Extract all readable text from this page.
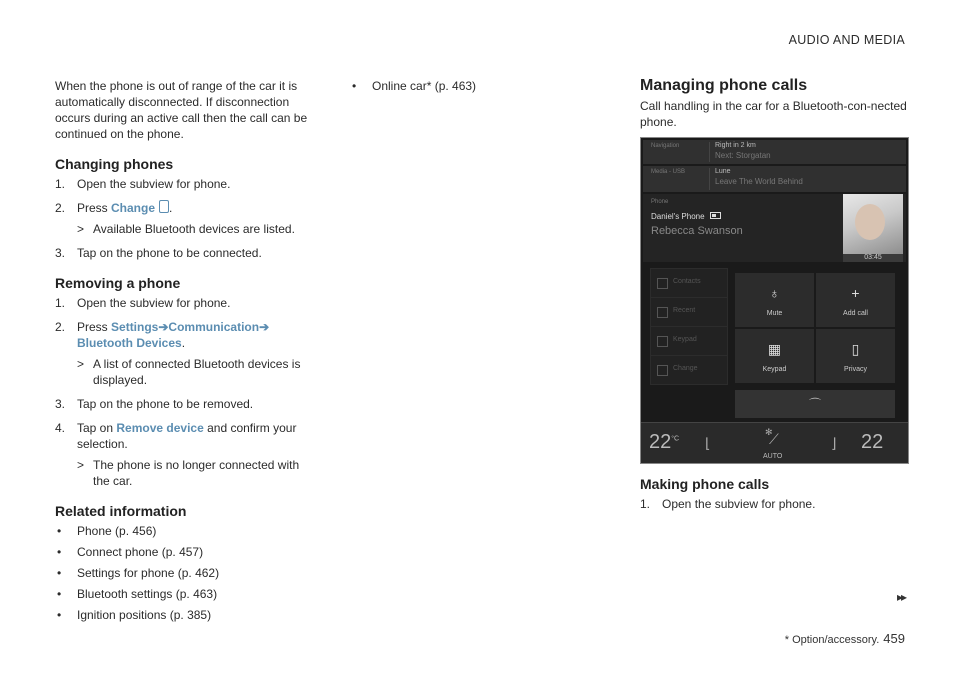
AUDIO AND MEDIA

When the phone is out of range of the car it is automatically disconnected. If disconnection occurs during an active call then the call can be continued on the phone.

Changing phones
1. Open the subview for phone.
2. Press Change .
> Available Bluetooth devices are listed.
3. Tap on the phone to be connected.
Removing a phone
1. Open the subview for phone.
2. Press Settings➔Communication➔ Bluetooth Devices.
> A list of connected Bluetooth devices is displayed.
3. Tap on the phone to be removed.
4. Tap on Remove device and confirm your selection.
> The phone is no longer connected with the car.
Related information
• Phone (p. 456)
• Connect phone (p. 457)
• Settings for phone (p. 462)
• Bluetooth settings (p. 463)
• Ignition positions (p. 385)
• Online car* (p. 463)	Managing phone calls

Call handling in the car for a Bluetooth-con-nected phone.

Navigation	Right in 2 km
Next: Storgatan
Media - USB	Lune
Leave The World Behind
Phone
Daniel's Phone
Rebecca Swanson
03:45
Contacts
Recent
Keypad
Change
♁
Mute
+
Add call
▦
Keypad
▯
Privacy
⌒
$22^{^\circ C}$ ⌊
✻
⟋
AUTO
⌋ 22
Making phone calls
1. Open the subview for phone.
▸▸
* Option/accessory. 459
